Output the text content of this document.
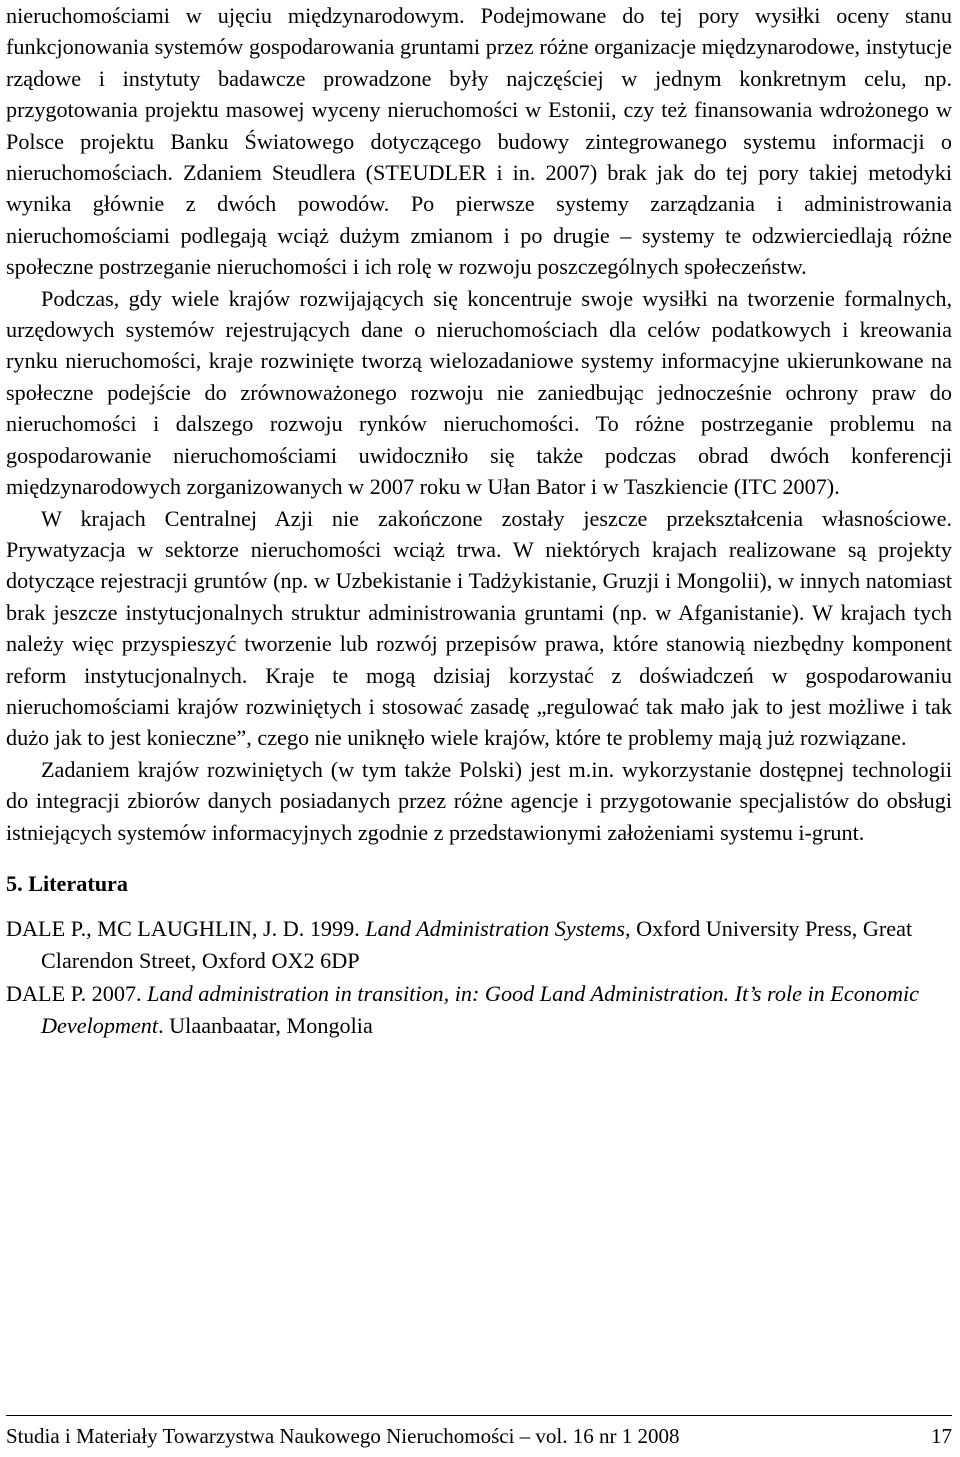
nieruchomościami w ujęciu międzynarodowym. Podejmowane do tej pory wysiłki oceny stanu funkcjonowania systemów gospodarowania gruntami przez różne organizacje międzynarodowe, instytucje rządowe i instytuty badawcze prowadzone były najczęściej w jednym konkretnym celu, np. przygotowania projektu masowej wyceny nieruchomości w Estonii, czy też finansowania wdrożonego w Polsce projektu Banku Światowego dotyczącego budowy zintegrowanego systemu informacji o nieruchomościach. Zdaniem Steudlera (STEUDLER i in. 2007) brak jak do tej pory takiej metodyki wynika głównie z dwóch powodów. Po pierwsze systemy zarządzania i administrowania nieruchomościami podlegają wciąż dużym zmianom i po drugie – systemy te odzwierciedlają różne społeczne postrzeganie nieruchomości i ich rolę w rozwoju poszczególnych społeczeństw.

Podczas, gdy wiele krajów rozwijających się koncentruje swoje wysiłki na tworzenie formalnych, urzędowych systemów rejestrujących dane o nieruchomościach dla celów podatkowych i kreowania rynku nieruchomości, kraje rozwinięte tworzą wielozadaniowe systemy informacyjne ukierunkowane na społeczne podejście do zrównoważonego rozwoju nie zaniedbując jednocześnie ochrony praw do nieruchomości i dalszego rozwoju rynków nieruchomości. To różne postrzeganie problemu na gospodarowanie nieruchomościami uwidoczniło się także podczas obrad dwóch konferencji międzynarodowych zorganizowanych w 2007 roku w Ułan Bator i w Taszkiencie (ITC 2007).

W krajach Centralnej Azji nie zakończone zostały jeszcze przekształcenia własnościowe. Prywatyzacja w sektorze nieruchomości wciąż trwa. W niektórych krajach realizowane są projekty dotyczące rejestracji gruntów (np. w Uzbekistanie i Tadżykistanie, Gruzji i Mongolii), w innych natomiast brak jeszcze instytucjonalnych struktur administrowania gruntami (np. w Afganistanie). W krajach tych należy więc przyspieszyć tworzenie lub rozwój przepisów prawa, które stanowią niezbędny komponent reform instytucjonalnych. Kraje te mogą dzisiaj korzystać z doświadczeń w gospodarowaniu nieruchomościami krajów rozwiniętych i stosować zasadę „regulować tak mało jak to jest możliwe i tak dużo jak to jest konieczne”, czego nie uniknęło wiele krajów, które te problemy mają już rozwiązane.

Zadaniem krajów rozwiniętych (w tym także Polski) jest m.in. wykorzystanie dostępnej technologii do integracji zbiorów danych posiadanych przez różne agencje i przygotowanie specjalistów do obsługi istniejących systemów informacyjnych zgodnie z przedstawionymi założeniami systemu i-grunt.

5. Literatura

DALE P., MC LAUGHLIN, J. D. 1999. Land Administration Systems, Oxford University Press, Great Clarendon Street, Oxford OX2 6DP

DALE P. 2007. Land administration in transition, in: Good Land Administration. It’s role in Economic Development. Ulaanbaatar, Mongolia

Studia i Materiały Towarzystwa Naukowego Nieruchomości – vol. 16 nr 1 2008	17
